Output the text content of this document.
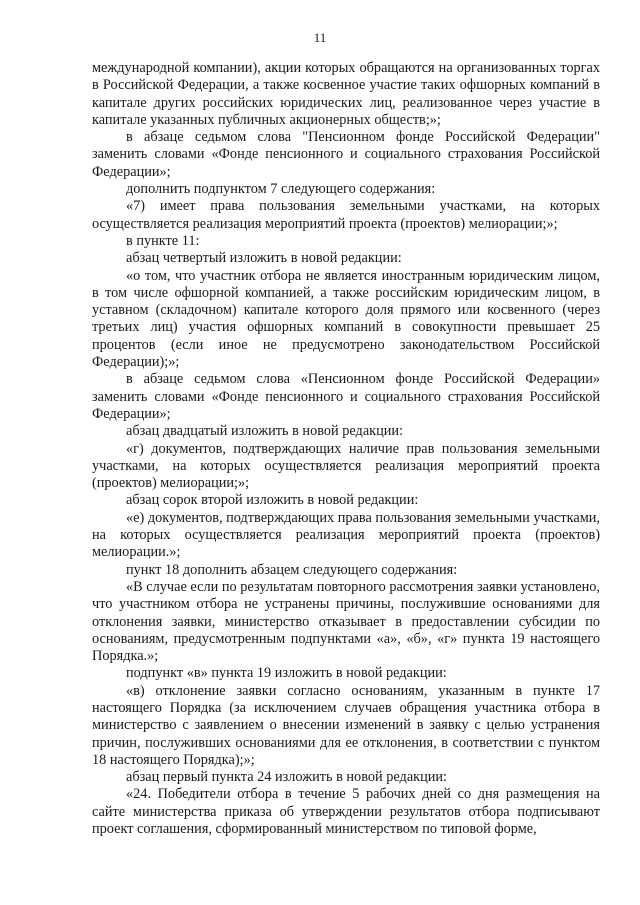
11

международной компании), акции которых обращаются на организованных торгах в Российской Федерации, а также косвенное участие таких офшорных компаний в капитале других российских юридических лиц, реализованное через участие в капитале указанных публичных акционерных обществ;»;

в абзаце седьмом слова "Пенсионном фонде Российской Федерации" заменить словами «Фонде пенсионного и социального страхования Российской Федерации»;

дополнить подпунктом 7 следующего содержания:

«7) имеет права пользования земельными участками, на которых осуществляется реализация мероприятий проекта (проектов) мелиорации;»;

в пункте 11:

абзац четвертый изложить в новой редакции:

«о том, что участник отбора не является иностранным юридическим лицом, в том числе офшорной компанией, а также российским юридическим лицом, в уставном (складочном) капитале которого доля прямого или косвенного (через третьих лиц) участия офшорных компаний в совокупности превышает 25 процентов (если иное не предусмотрено законодательством Российской Федерации);»;

в абзаце седьмом слова «Пенсионном фонде Российской Федерации» заменить словами «Фонде пенсионного и социального страхования Российской Федерации»;

абзац двадцатый изложить в новой редакции:

«г) документов, подтверждающих наличие прав пользования земельными участками, на которых осуществляется реализация мероприятий проекта (проектов) мелиорации;»;

абзац сорок второй изложить в новой редакции:

«е) документов, подтверждающих права пользования земельными участками, на которых осуществляется реализация мероприятий проекта (проектов) мелиорации.»;

пункт 18 дополнить абзацем следующего содержания:

«В случае если по результатам повторного рассмотрения заявки установлено, что участником отбора не устранены причины, послужившие основаниями для отклонения заявки, министерство отказывает в предоставлении субсидии по основаниям, предусмотренным подпунктами «а», «б», «г» пункта 19 настоящего Порядка.»;

подпункт «в» пункта 19 изложить в новой редакции:

«в) отклонение заявки согласно основаниям, указанным в пункте 17 настоящего Порядка (за исключением случаев обращения участника отбора в министерство с заявлением о внесении изменений в заявку с целью устранения причин, послуживших основаниями для ее отклонения, в соответствии с пунктом 18 настоящего Порядка);»;

абзац первый пункта 24 изложить в новой редакции:

«24. Победители отбора в течение 5 рабочих дней со дня размещения на сайте министерства приказа об утверждении результатов отбора подписывают проект соглашения, сформированный министерством по типовой форме,
